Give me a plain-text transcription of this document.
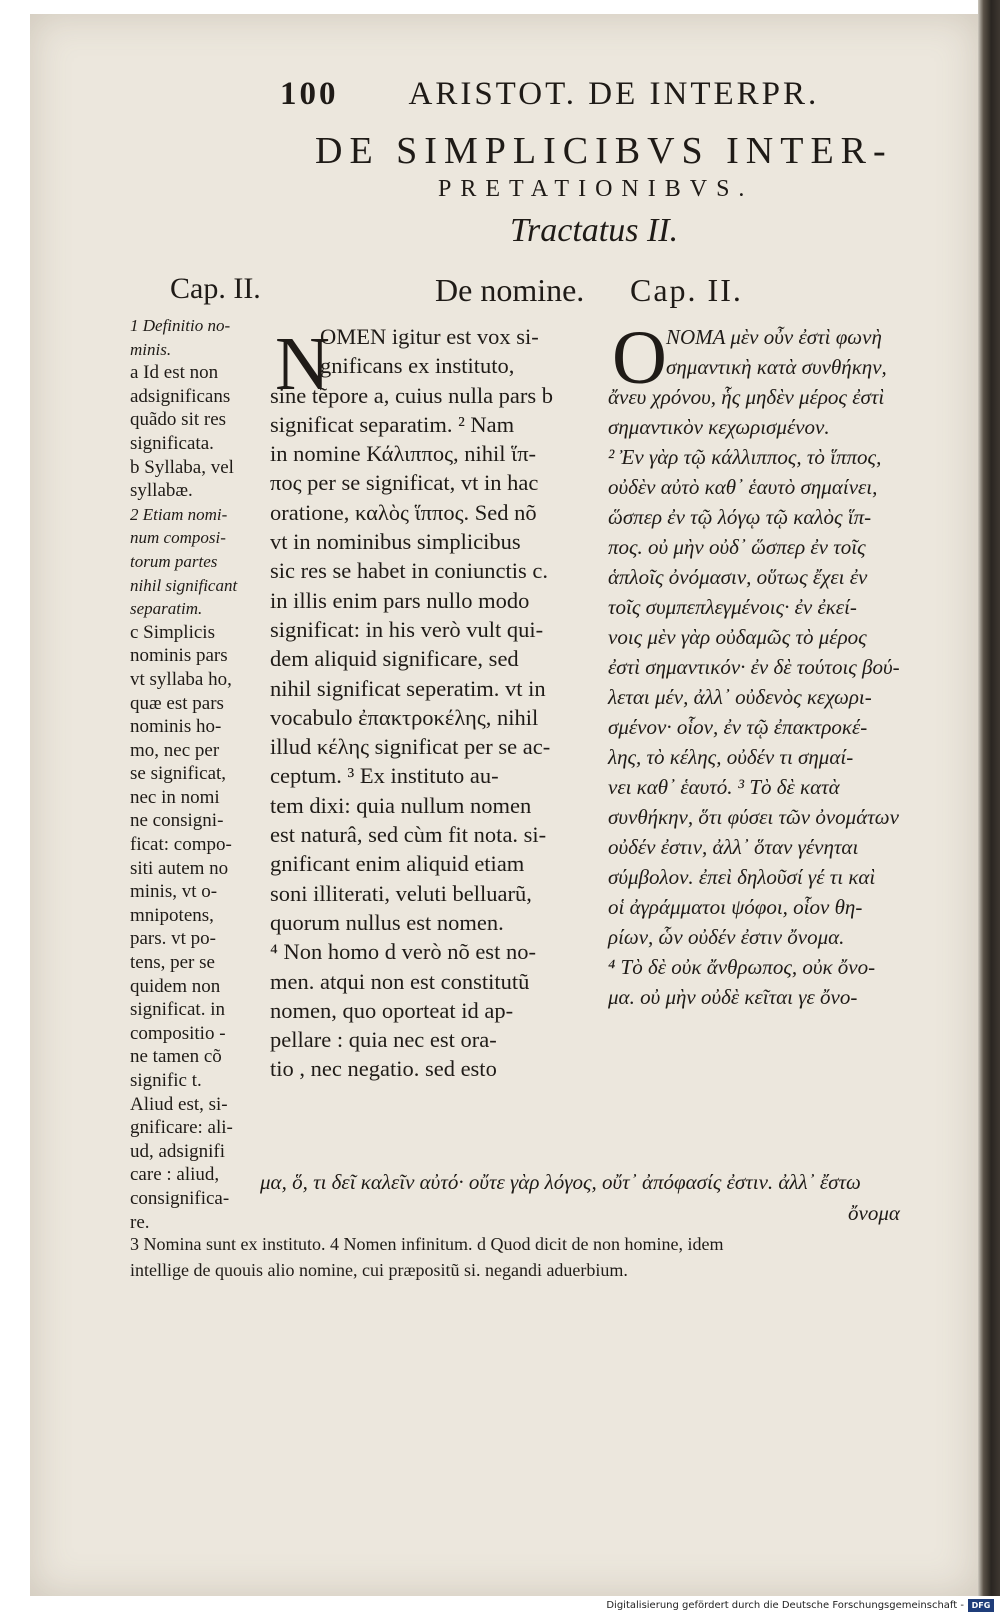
100 ARISTOT. DE INTERPR.
DE SIMPLICIBVS INTER-
PRETATIONIBVS.
Tractatus II.
Cap. II.	De nomine. Cap. II.
1 Definitio no-
minis.
a Id est non
adsignificans
quãdo sit res
significata.
b Syllaba, vel
syllabæ.
2 Etiam nomi-
num composi-
torum partes
nihil significant
separatim.
c Simplicis
nominis pars
vt syllaba ho,
quæ est pars
nominis ho-
mo, nec per
se significat,
nec in nomi
ne consigni-
ficat: compo-
siti autem no
minis, vt o-
mnipotens,
pars. vt po-
tens, per se
quidem non
significat. in
compositio -
ne tamen cõ
signific t.
Aliud est, si-
gnificare: ali-
ud, adsignifi
care : aliud,
consignifica-
re.
N
OMEN igitur est vox si-
gnificans ex instituto,
sine tẽpore a, cuius nulla pars b
significat separatim. ² Nam
in nomine Κάλιππος, nihil ἵπ-
πος per se significat, vt in hac
oratione, καλὸς ἵππος. Sed nõ
vt in nominibus simplicibus
sic res se habet in coniunctis c.
in illis enim pars nullo modo
significat: in his verò vult qui-
dem aliquid significare, sed
nihil significat seperatim. vt in
vocabulo ἐπακτροκέλης, nihil
illud κέλης significat per se ac-
ceptum. ³ Ex instituto au-
tem dixi: quia nullum nomen
est naturâ, sed cùm fit nota. si-
gnificant enim aliquid etiam
soni illiterati, veluti belluarũ,
quorum nullus est nomen.
⁴ Non homo d verò nõ est no-
men. atqui non est constitutũ
nomen, quo oporteat id ap-
pellare : quia nec est ora-
tio , nec negatio. sed esto
O ΝΟΜΑ μὲν οὖν ἐστὶ φωνὴ
σημαντικὴ κατὰ συνθήκην,
ἄνευ χρόνου, ἧς μηδὲν μέρος ἐστὶ
σημαντικὸν κεχωρισμένον.
² Ἐν γὰρ τῷ κάλλιππος, τὸ ἵππος,
οὐδὲν αὐτὸ καθ᾽ ἑαυτὸ σημαίνει,
ὥσπερ ἐν τῷ λόγῳ τῷ καλὸς ἵπ-
πος. οὐ μὴν οὐδ᾽ ὥσπερ ἐν τοῖς
ἁπλοῖς ὀνόμασιν, οὕτως ἔχει ἐν
τοῖς συμπεπλεγμένοις· ἐν ἐκεί-
νοις μὲν γὰρ οὐδαμῶς τὸ μέρος
ἐστὶ σημαντικόν· ἐν δὲ τούτοις βού-
λεται μέν, ἀλλ᾽ οὐδενὸς κεχωρι-
σμένον· οἷον, ἐν τῷ ἐπακτροκέ-
λης, τὸ κέλης, οὐδέν τι σημαί-
νει καθ᾽ ἑαυτό. ³ Τὸ δὲ κατὰ
συνθήκην, ὅτι φύσει τῶν ὀνομάτων
οὐδέν ἐστιν, ἀλλ᾽ ὅταν γένηται
σύμβολον. ἐπεὶ δηλοῦσί γέ τι καὶ
οἱ ἀγράμματοι ψόφοι, οἷον θη-
ρίων, ὧν οὐδέν ἐστιν ὄνομα.
⁴ Τὸ δὲ οὐκ ἄνθρωπος, οὐκ ὄνο-
μα. οὐ μὴν οὐδὲ κεῖται γε ὄνο-
μα, ὅ, τι δεῖ καλεῖν αὐτό· οὔτε γὰρ λόγος, οὔτ᾽ ἀπόφασίς ἐστιν. ἀλλ᾽ ἔστω
ὄνομα
3 Nomina sunt ex instituto. 4 Nomen infinitum. d Quod dicit de non homine, idem
intellige de quouis alio nomine, cui præpositũ si. negandi aduerbium.
Digitalisierung gefördert durch die Deutsche Forschungsgemeinschaft - DFG
